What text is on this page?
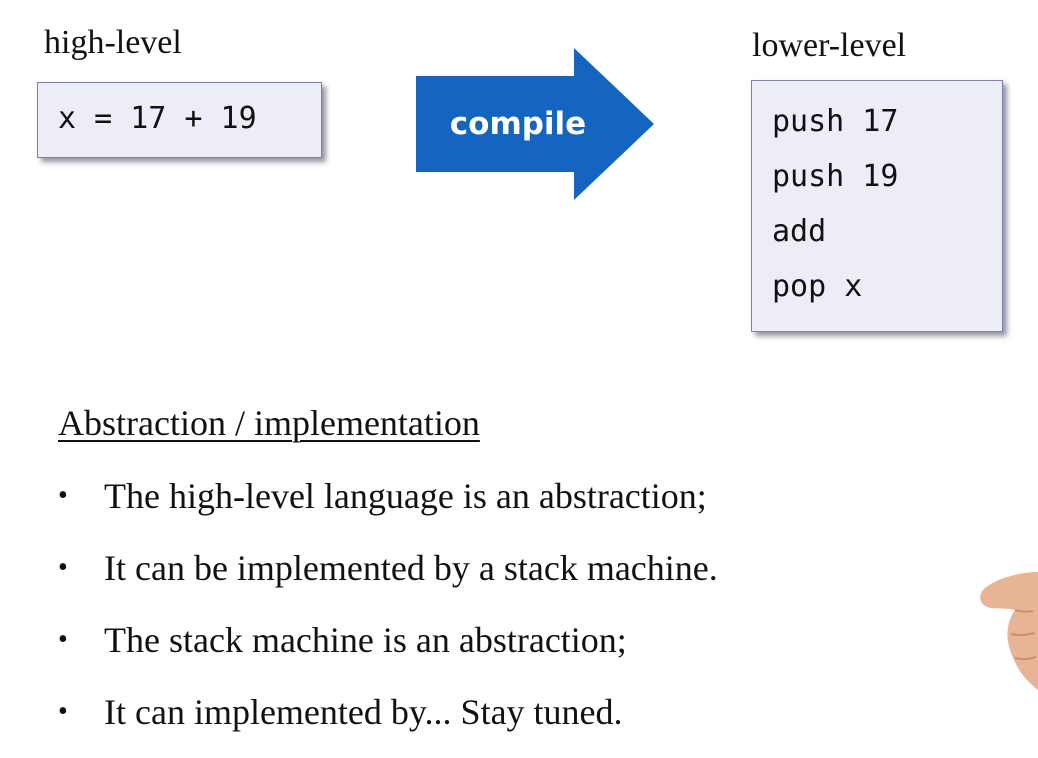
high-level
x = 17 + 19	compile
lower-level
push 17
push 19
add
pop x
Abstraction / implementation
• The high-level language is an abstraction;
• It can be implemented by a stack machine.
• The stack machine is an abstraction;
• It can implemented by... Stay tuned.
